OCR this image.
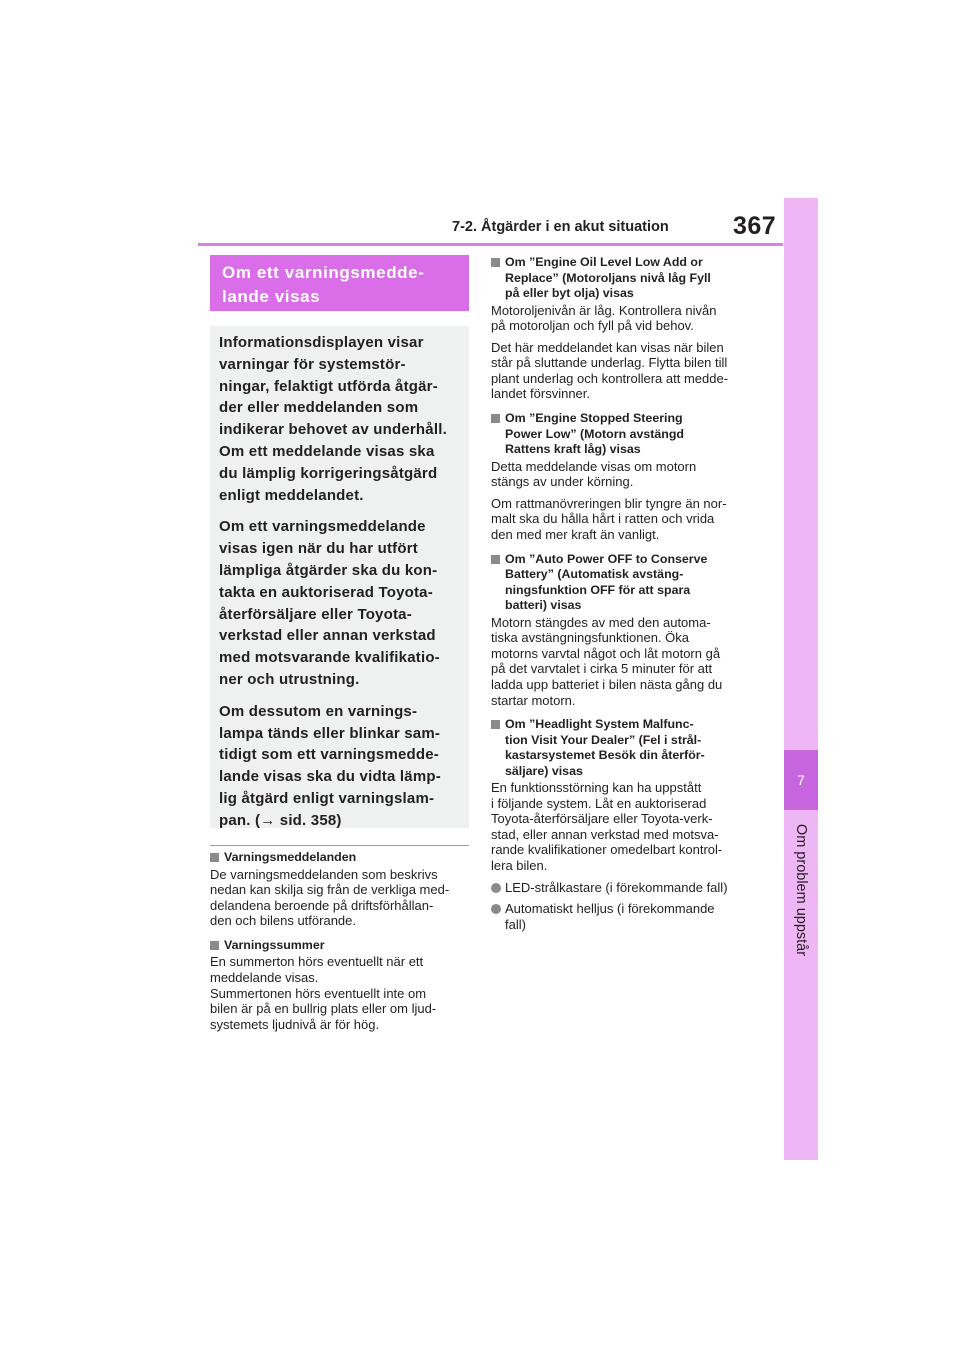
7-2. Åtgärder i en akut situation	367
7
Om problem uppstår
Om ett varningsmedde-
lande visas

Informationsdisplayen visar
varningar för systemstör-
ningar, felaktigt utförda åtgär-
der eller meddelanden som
indikerar behovet av underhåll.
Om ett meddelande visas ska
du lämplig korrigeringsåtgärd
enligt meddelandet.

Om ett varningsmeddelande
visas igen när du har utfört
lämpliga åtgärder ska du kon-
takta en auktoriserad Toyota-
återförsäljare eller Toyota-
verkstad eller annan verkstad
med motsvarande kvalifikatio-
ner och utrustning.

Om dessutom en varnings-
lampa tänds eller blinkar sam-
tidigt som ett varningsmedde-
lande visas ska du vidta lämp-
lig åtgärd enligt varningslam-
pan. (→ sid. 358)

Varningsmeddelanden
De varningsmeddelanden som beskrivs
nedan kan skilja sig från de verkliga med-
delandena beroende på driftsförhållan-
den och bilens utförande.
Varningssummer
En summerton hörs eventuellt när ett
meddelande visas.
Summertonen hörs eventuellt inte om
bilen är på en bullrig plats eller om ljud-
systemets ljudnivå är för hög.
Om ”Engine Oil Level Low Add or
Replace” (Motoroljans nivå låg Fyll
på eller byt olja) visas
Motoroljenivån är låg. Kontrollera nivån
på motoroljan och fyll på vid behov.
Det här meddelandet kan visas när bilen
står på sluttande underlag. Flytta bilen till
plant underlag och kontrollera att medde-
landet försvinner.
Om ”Engine Stopped Steering
Power Low” (Motorn avstängd
Rattens kraft låg) visas
Detta meddelande visas om motorn
stängs av under körning.
Om rattmanövreringen blir tyngre än nor-
malt ska du hålla hårt i ratten och vrida
den med mer kraft än vanligt.
Om ”Auto Power OFF to Conserve
Battery” (Automatisk avstäng-
ningsfunktion OFF för att spara
batteri) visas
Motorn stängdes av med den automa-
tiska avstängningsfunktionen. Öka
motorns varvtal något och låt motorn gå
på det varvtalet i cirka 5 minuter för att
ladda upp batteriet i bilen nästa gång du
startar motorn.
Om ”Headlight System Malfunc-
tion Visit Your Dealer” (Fel i strål-
kastarsystemet Besök din återför-
säljare) visas
En funktionsstörning kan ha uppstått
i följande system. Låt en auktoriserad
Toyota-återförsäljare eller Toyota-verk-
stad, eller annan verkstad med motsva-
rande kvalifikationer omedelbart kontrol-
lera bilen.
LED-strålkastare (i förekommande fall)
Automatiskt helljus (i förekommande
fall)
